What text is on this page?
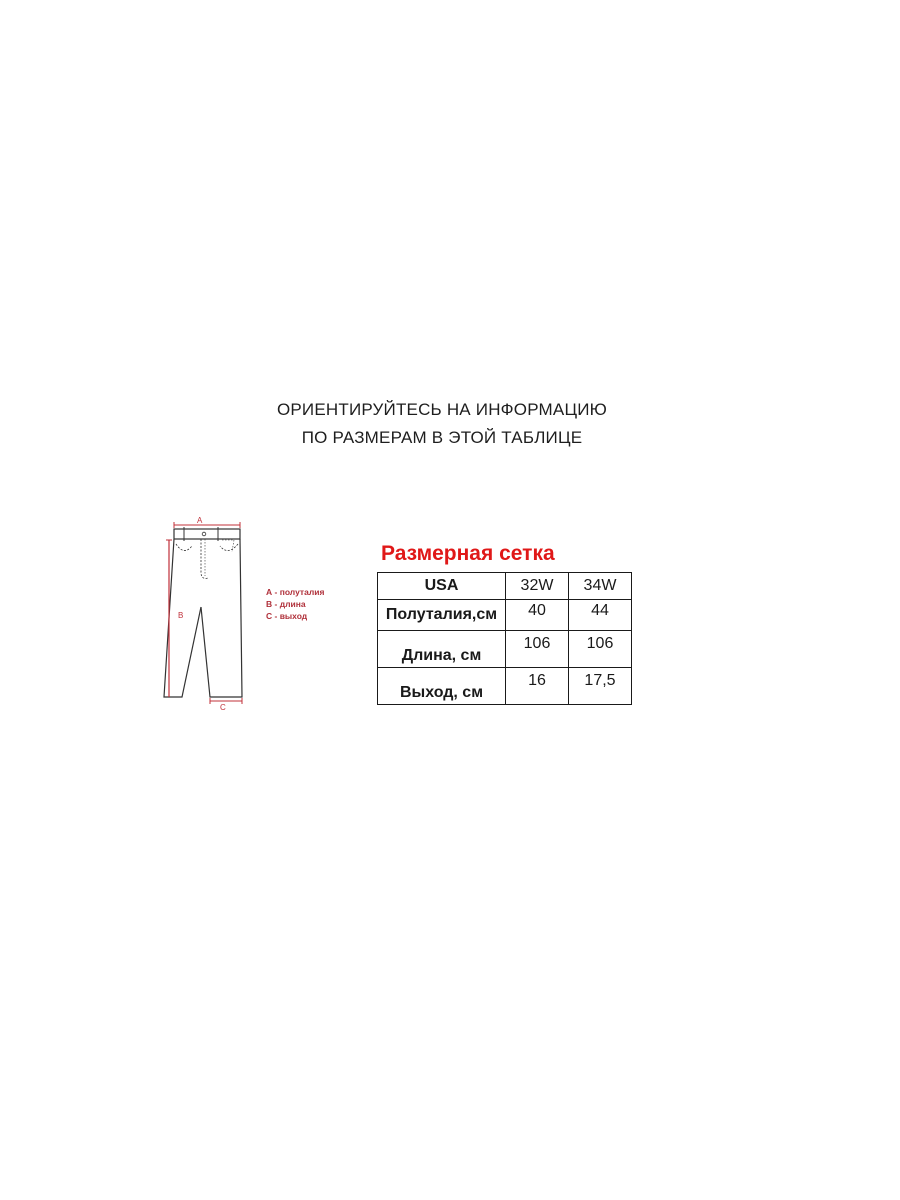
ОРИЕНТИРУЙТЕСЬ НА ИНФОРМАЦИЮ
ПО РАЗМЕРАМ В ЭТОЙ ТАБЛИЦЕ
A
B
C
А - полуталия
В - длина
С - выход
Размерная сетка
USA	32W	34W
Полуталия,см	40	44
Длина, см	106	106
Выход, см	16	17,5
